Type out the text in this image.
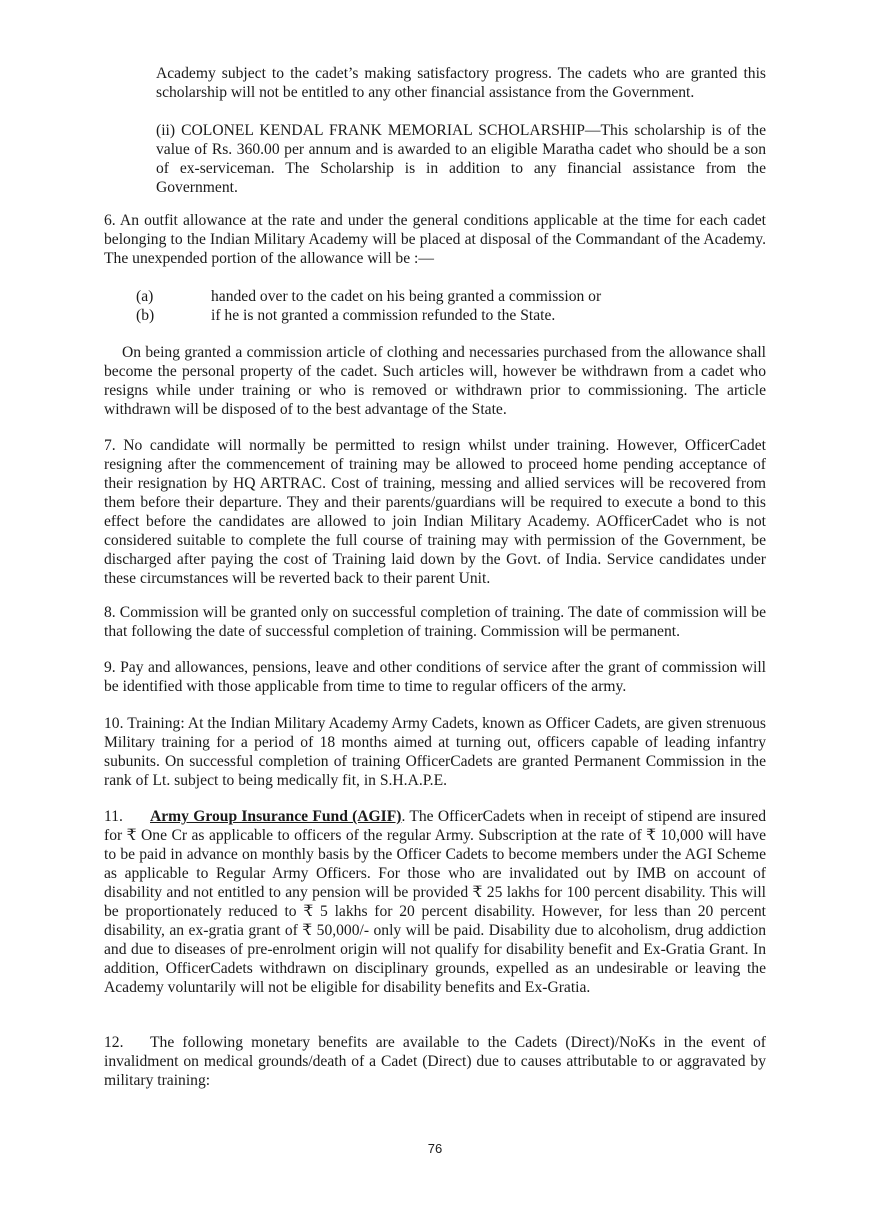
Academy subject to the cadet’s making satisfactory progress. The cadets who are granted this scholarship will not be entitled to any other financial assistance from the Government.

(ii) COLONEL KENDAL FRANK MEMORIAL SCHOLARSHIP—This scholarship is of the value of Rs. 360.00 per annum and is awarded to an eligible Maratha cadet who should be a son of ex-serviceman. The Scholarship is in addition to any financial assistance from the Government.

6. An outfit allowance at the rate and under the general conditions applicable at the time for each cadet belonging to the Indian Military Academy will be placed at disposal of the Commandant of the Academy. The unexpended portion of the allowance will be :—

(a)	handed over to the cadet on his being granted a commission or
(b)	if he is not granted a commission refunded to the State.

On being granted a commission article of clothing and necessaries purchased from the allowance shall become the personal property of the cadet. Such articles will, however be withdrawn from a cadet who resigns while under training or who is removed or withdrawn prior to commissioning. The article withdrawn will be disposed of to the best advantage of the State.

7. No candidate will normally be permitted to resign whilst under training. However, OfficerCadet resigning after the commencement of training may be allowed to proceed home pending acceptance of their resignation by HQ ARTRAC. Cost of training, messing and allied services will be recovered from them before their departure. They and their parents/guardians will be required to execute a bond to this effect before the candidates are allowed to join Indian Military Academy. AOfficerCadet who is not considered suitable to complete the full course of training may with permission of the Government, be discharged after paying the cost of Training laid down by the Govt. of India. Service candidates under these circumstances will be reverted back to their parent Unit.

8. Commission will be granted only on successful completion of training. The date of commission will be that following the date of successful completion of training. Commission will be permanent.

9. Pay and allowances, pensions, leave and other conditions of service after the grant of commission will be identified with those applicable from time to time to regular officers of the army.

10. Training: At the Indian Military Academy Army Cadets, known as Officer Cadets, are given strenuous Military training for a period of 18 months aimed at turning out, officers capable of leading infantry subunits. On successful completion of training OfficerCadets are granted Permanent Commission in the rank of Lt. subject to being medically fit, in S.H.A.P.E.

11. Army Group Insurance Fund (AGIF). The OfficerCadets when in receipt of stipend are insured for ₹ One Cr as applicable to officers of the regular Army. Subscription at the rate of ₹ 10,000 will have to be paid in advance on monthly basis by the Officer Cadets to become members under the AGI Scheme as applicable to Regular Army Officers. For those who are invalidated out by IMB on account of disability and not entitled to any pension will be provided ₹ 25 lakhs for 100 percent disability. This will be proportionately reduced to ₹ 5 lakhs for 20 percent disability. However, for less than 20 percent disability, an ex-gratia grant of ₹ 50,000/- only will be paid. Disability due to alcoholism, drug addiction and due to diseases of pre-enrolment origin will not qualify for disability benefit and Ex-Gratia Grant. In addition, OfficerCadets withdrawn on disciplinary grounds, expelled as an undesirable or leaving the Academy voluntarily will not be eligible for disability benefits and Ex-Gratia.

12. The following monetary benefits are available to the Cadets (Direct)/NoKs in the event of invalidment on medical grounds/death of a Cadet (Direct) due to causes attributable to or aggravated by military training:

76
